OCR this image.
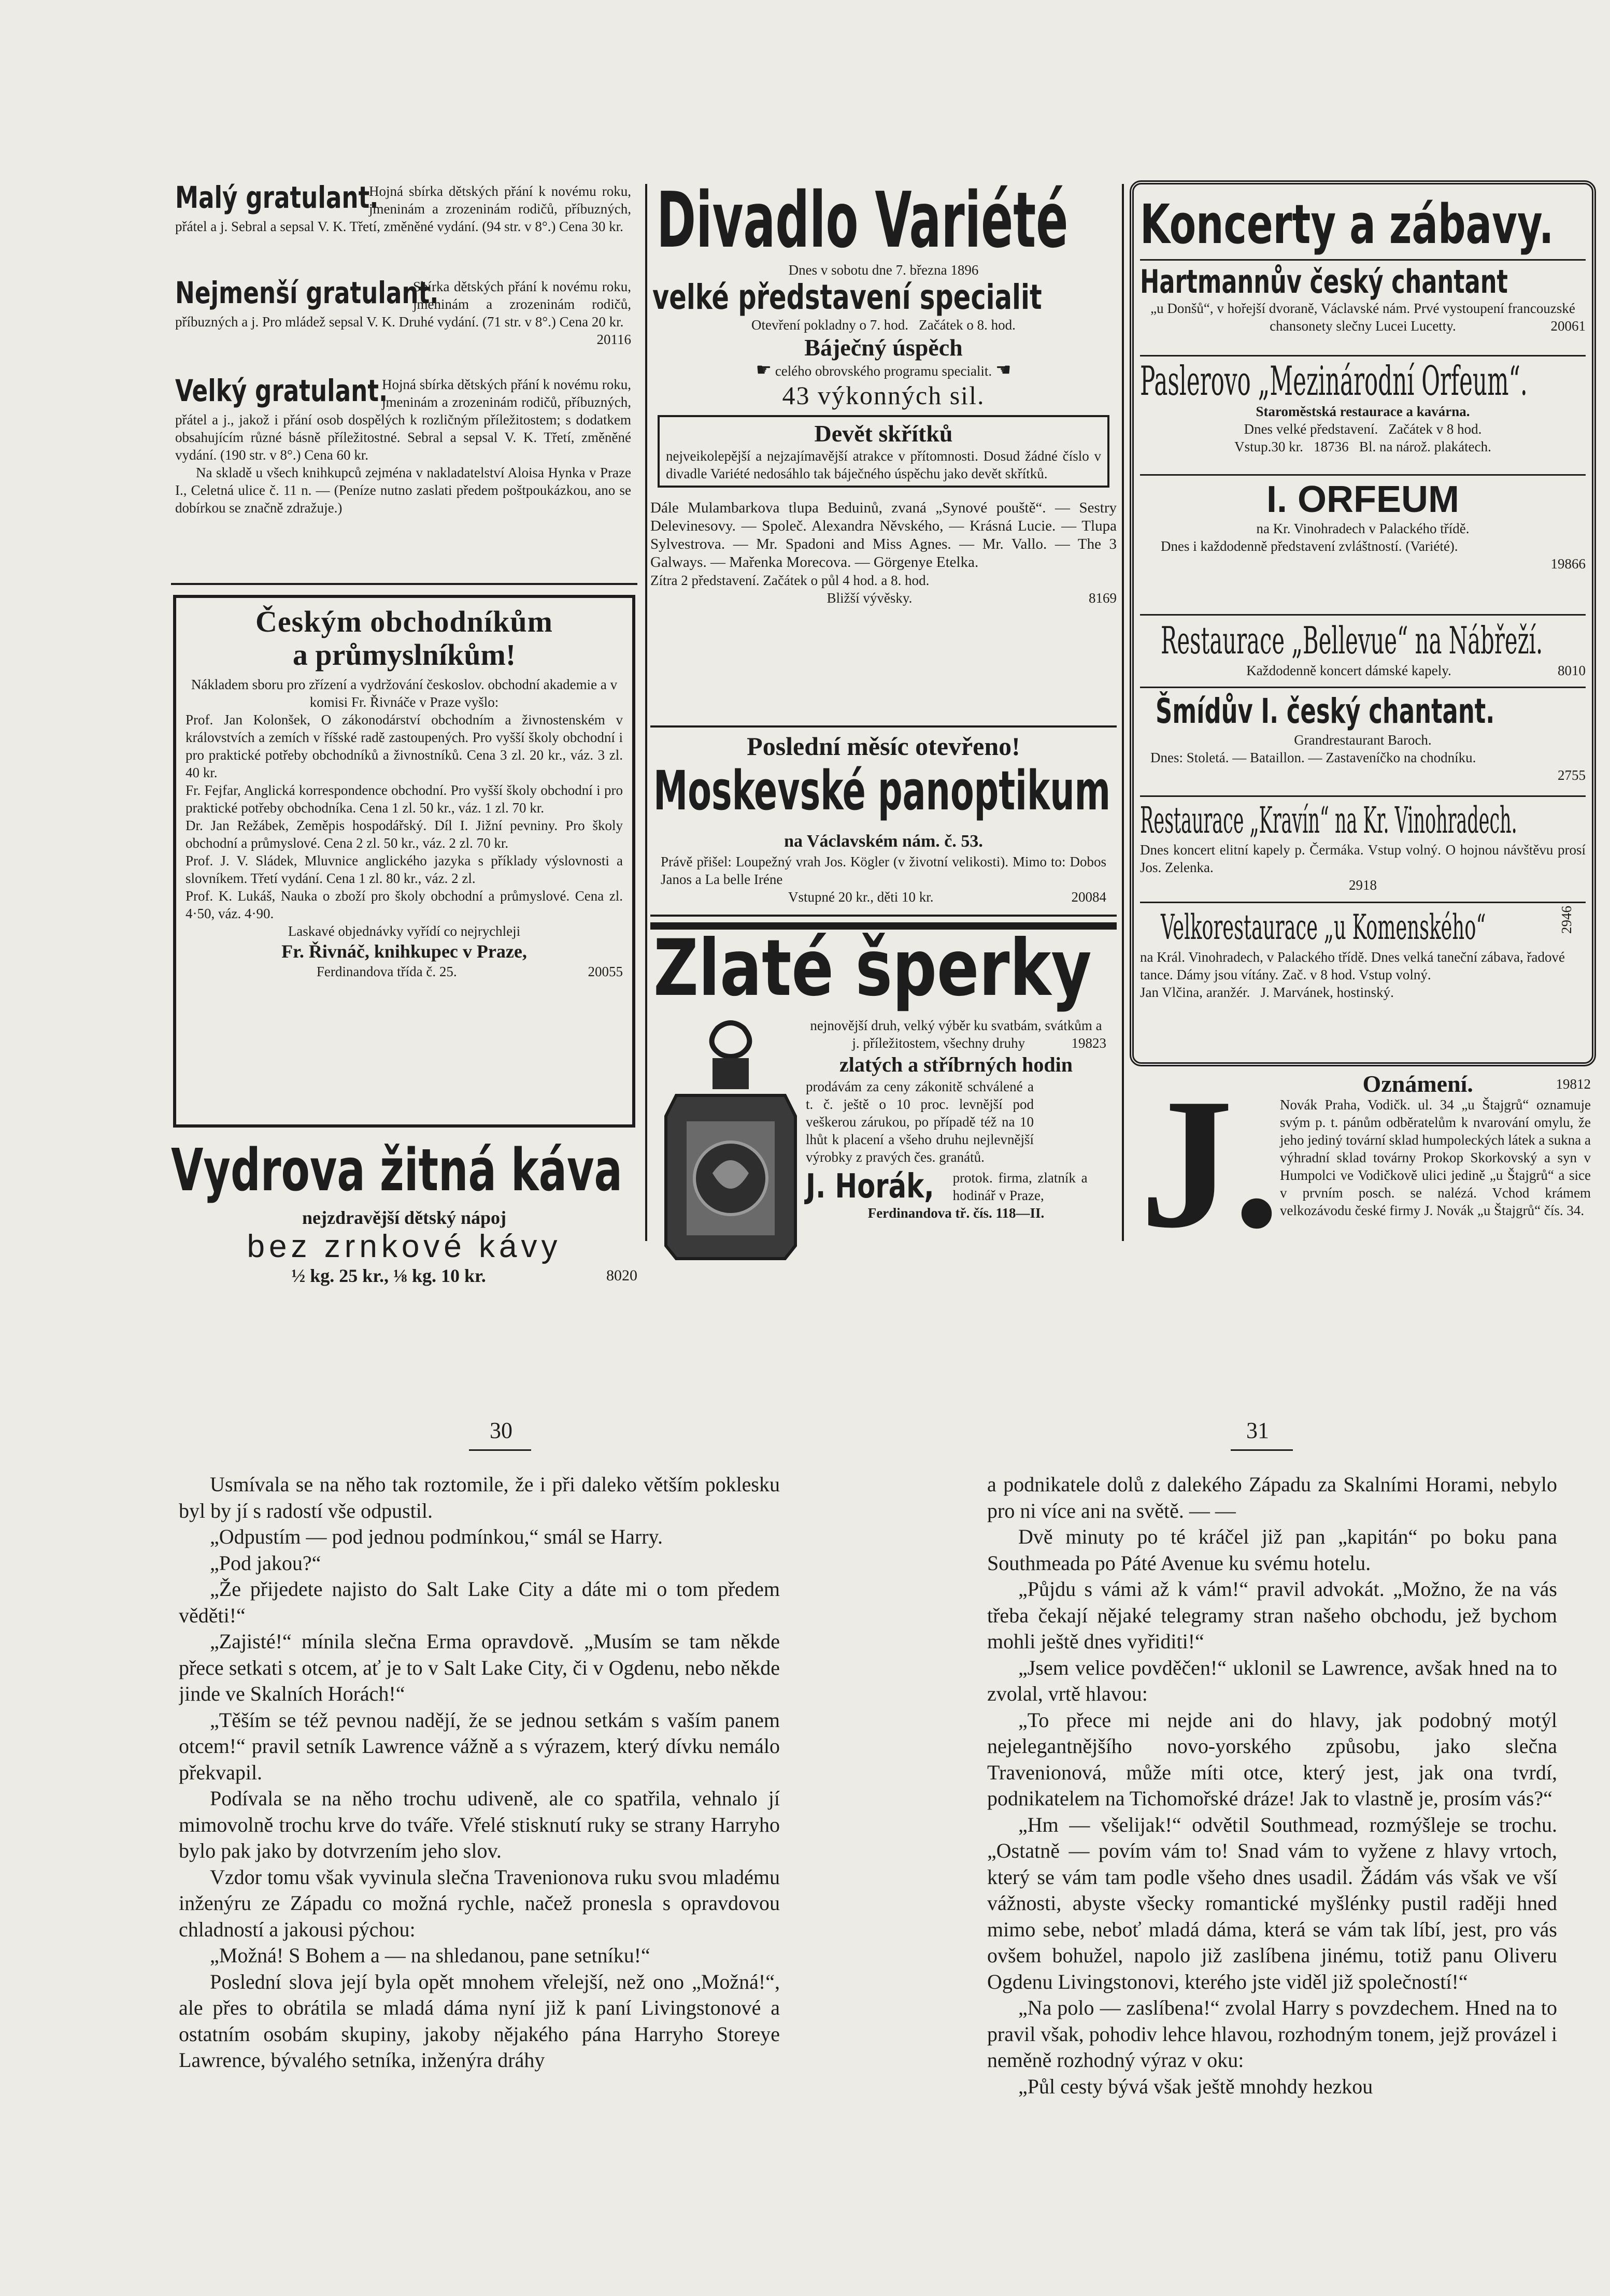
Malý gratulant.
Hojná sbírka dětských přání k novému roku, jmeninám a zrozeninám rodičů, příbuzných, přátel a j. Sebral a sepsal V. K. Třetí, změněné vydání. (94 str. v 8°.) Cena 30 kr.

Nejmenší gratulant.
Sbírka dětských přání k novému roku, jmeninám a zrozeninám rodičů, příbuzných a j. Pro mládež sepsal V. K. Druhé vydání. (71 str. v 8°.) Cena 20 kr.
20116

Velký gratulant.
Hojná sbírka dětských přání k novému roku, jmeninám a zrozeninám rodičů, příbuzných, přátel a j., jakož i přání osob dospělých k rozličným příležitostem; s dodatkem obsahujícím různé básně příležitostné. Sebral a sepsal V. K. Třetí, změněné vydání. (190 str. v 8°.) Cena 60 kr.

Na skladě u všech knihkupců zejména v nakladatelství Aloisa Hynka v Praze I., Celetná ulice č. 11 n. — (Peníze nutno zaslati předem poštpoukázkou, ano se dobírkou se značně zdražuje.)

Českým obchodníkům
a průmyslníkům!

Nákladem sboru pro zřízení a vydržování českoslov. obchodní akademie a v komisi Fr. Řivnáče v Praze vyšlo:

Prof. Jan Kolonšek, O zákonodárství obchodním a živnostenském v královstvích a zemích v říšské radě zastoupených. Pro vyšší školy obchodní i pro praktické potřeby obchodníků a živnostníků. Cena 3 zl. 20 kr., váz. 3 zl. 40 kr.

Fr. Fejfar, Anglická korrespondence obchodní. Pro vyšší školy obchodní i pro praktické potřeby obchodníka. Cena 1 zl. 50 kr., váz. 1 zl. 70 kr.

Dr. Jan Režábek, Zeměpis hospodářský. Díl I. Jižní pevniny. Pro školy obchodní a průmyslové. Cena 2 zl. 50 kr., váz. 2 zl. 70 kr.

Prof. J. V. Sládek, Mluvnice anglického jazyka s příklady výslovnosti a slovníkem. Třetí vydání. Cena 1 zl. 80 kr., váz. 2 zl.

Prof. K. Lukáš, Nauka o zboží pro školy obchodní a průmyslové. Cena zl. 4·50, váz. 4·90.

Laskavé objednávky vyřídí co nejrychleji

Fr. Řivnáč, knihkupec v Praze,

Ferdinandova třída č. 25.	20055

Vydrova žitná káva
nejzdravější dětský nápoj
bez zrnkové kávy
½ kg. 25 kr., ⅛ kg. 10 kr.	8020
Divadlo Variété
Dnes v sobotu dne 7. března 1896
velké představení specialit
Otevření pokladny o 7. hod.   Začátek o 8. hod.
Báječný úspěch
☛ celého obrovského programu specialit. ☚
43 výkonných sil.
Devět skřítků

nejveikolepější a nejzajímavější atrakce v přítomnosti. Dosud žádné číslo v divadle Variété nedosáhlo tak báječného úspěchu jako devět skřítků.

Dále Mulambarkova tlupa Beduinů, zvaná „Synové pouště“. — Sestry Delevinesovy. — Společ. Alexandra Něvského, — Krásná Lucie. — Tlupa Sylvestrova. — Mr. Spadoni and Miss Agnes. — Mr. Vallo. — The 3 Galways. — Mařenka Morecova. — Görgenye Etelka.

Zítra 2 představení. Začátek o půl 4 hod. a 8. hod.

Bližší vývěsky.	8169

Poslední měsíc otevřeno!
Moskevské panoptikum
na Václavském nám. č. 53.

Právě přišel: Loupežný vrah Jos. Kögler (v životní velikosti). Mimo to: Dobos Janos a La belle Iréne

Vstupné 20 kr., děti 10 kr.	20084

Zlaté šperky

nejnovější druh, velký výběr ku svatbám, svátkům a j. příležitostem, všechny druhy	19823

zlatých a stříbrných hodin

prodávám za ceny zákonitě schválené a t. č. ještě o 10 proc. levnější pod veškerou zárukou, po případě též na 10 lhůt k placení a všeho druhu nejlevnější výrobky z pravých čes. granátů.

J. Horák, protok. firma, zlatník a hodinář v Praze,
Ferdinandova tř. čís. 118—II.
Koncerty a zábavy.
Hartmannův český chantant

„u Donšů“, v hořejší dvoraně, Václavské nám. Prvé vystoupení francouzské chansonety slečny Lucei Lucetty.	20061

Paslerovo „Mezinárodní Orfeum“.
Staroměstská restaurace a kavárna.

Dnes velké představení.   Začátek v 8 hod.

Vstup.30 kr.   18736   Bl. na nárož. plakátech.

I. ORFEUM

na Kr. Vinohradech v Palackého třídě.

Dnes i každodenně představení zvláštností. (Variété).

19866

Restaurace „Bellevue“ na Nábřeží.

Každodenně koncert dámské kapely.	8010

Šmídův I. český chantant.
Grandrestaurant Baroch.

Dnes: Stoletá. — Bataillon. — Zastaveníčko na chodníku.

2755

Restaurace „Kravín“ na Kr. Vinohradech.

Dnes koncert elitní kapely p. Čermáka. Vstup volný. O hojnou návštěvu prosí Jos. Zelenka.

2918

Velkorestaurace „u Komenského“	2946

na Král. Vinohradech, v Palackého třídě. Dnes velká taneční zábava, řadové tance. Dámy jsou vítány. Zač. v 8 hod. Vstup volný.

Jan Vlčina, aranžér.   J. Marvánek, hostinský.

J.	Oznámení.	19812

Novák Praha, Vodičk. ul. 34 „u Štajgrů“ oznamuje svým p. t. pánům odběratelům k nvarování omylu, že jeho jediný tovární sklad humpoleckých látek a sukna a výhradní sklad továrny Prokop Skorkovský a syn v Humpolci ve Vodičkově ulici jedině „u Štajgrů“ a sice v prvním posch. se nalézá. Vchod krámem velkozávodu české firmy J. Novák „u Štajgrů“ čís. 34.

30	31

Usmívala se na něho tak roztomile, že i při daleko větším poklesku byl by jí s radostí vše odpustil.

„Odpustím — pod jednou podmínkou,“ smál se Harry.

„Pod jakou?“

„Že přijedete najisto do Salt Lake City a dáte mi o tom předem věděti!“

„Zajisté!“ mínila slečna Erma opravdově. „Musím se tam někde přece setkati s otcem, ať je to v Salt Lake City, či v Ogdenu, nebo někde jinde ve Skalních Horách!“

„Těším se též pevnou nadějí, že se jednou setkám s vaším panem otcem!“ pravil setník Lawrence vážně a s výrazem, který dívku nemálo překvapil.

Podívala se na něho trochu udiveně, ale co spatřila, vehnalo jí mimovolně trochu krve do tváře. Vřelé stisknutí ruky se strany Harryho bylo pak jako by dotvrzením jeho slov.

Vzdor tomu však vyvinula slečna Travenionova ruku svou mladému inženýru ze Západu co možná rychle, načež pronesla s opravdovou chladností a jakousi pýchou:

„Možná! S Bohem a — na shledanou, pane setníku!“

Poslední slova její byla opět mnohem vřelejší, než ono „Možná!“, ale přes to obrátila se mladá dáma nyní již k paní Livingstonové a ostatním osobám skupiny, jakoby nějakého pána Harryho Storeye Lawrence, bývalého setníka, inženýra dráhy

a podnikatele dolů z dalekého Západu za Skalními Horami, nebylo pro ni více ani na světě. — —

Dvě minuty po té kráčel již pan „kapitán“ po boku pana Southmeada po Páté Avenue ku svému hotelu.

„Půjdu s vámi až k vám!“ pravil advokát. „Možno, že na vás třeba čekají nějaké telegramy stran našeho obchodu, jež bychom mohli ještě dnes vyřiditi!“

„Jsem velice povděčen!“ uklonil se Lawrence, avšak hned na to zvolal, vrtě hlavou:

„To přece mi nejde ani do hlavy, jak podobný motýl nejelegantnějšího novo-yorského způsobu, jako slečna Travenionová, může míti otce, který jest, jak ona tvrdí, podnikatelem na Tichomořské dráze! Jak to vlastně je, prosím vás?“

„Hm — všelijak!“ odvětil Southmead, rozmýšleje se trochu. „Ostatně — povím vám to! Snad vám to vyžene z hlavy vrtoch, který se vám tam podle všeho dnes usadil. Žádám vás však ve vší vážnosti, abyste všecky romantické myšlénky pustil raději hned mimo sebe, neboť mladá dáma, která se vám tak líbí, jest, pro vás ovšem bohužel, napolo již zaslíbena jinému, totiž panu Oliveru Ogdenu Livingstonovi, kterého jste viděl již společností!“

„Na polo — zaslíbena!“ zvolal Harry s povzdechem. Hned na to pravil však, pohodiv lehce hlavou, rozhodným tonem, jejž provázel i neměně rozhodný výraz v oku:

„Půl cesty bývá však ještě mnohdy hezkou
